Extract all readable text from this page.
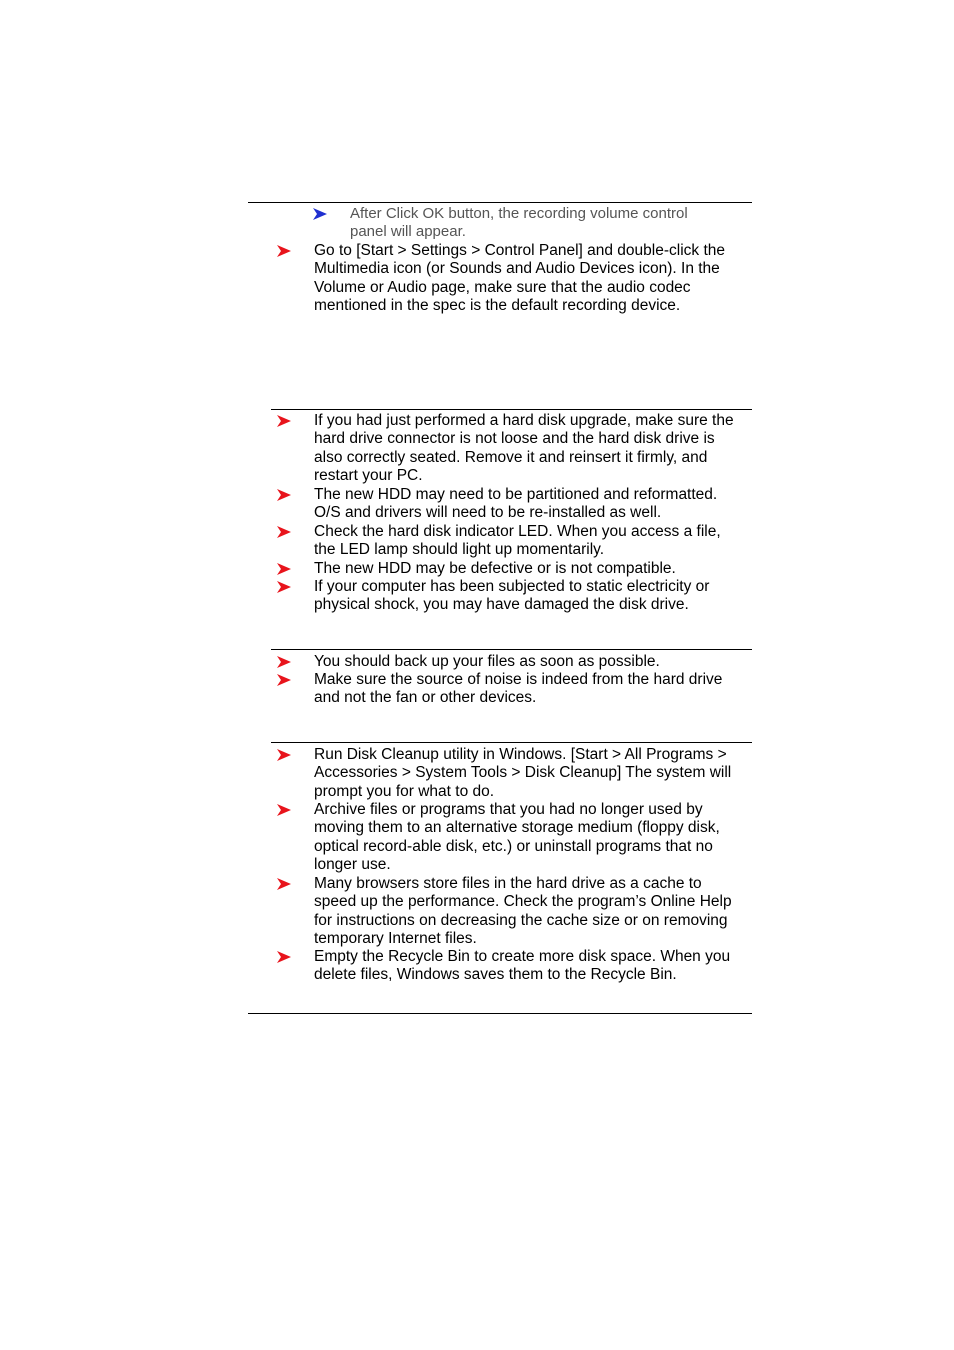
After Click OK button, the recording volume control
panel will appear.
Go to [Start > Settings > Control Panel] and double-click the
Multimedia icon (or Sounds and Audio Devices icon). In the
Volume or Audio page, make sure that the audio codec
mentioned in the spec is the default recording device.
If you had just performed a hard disk upgrade, make sure the
hard drive connector is not loose and the hard disk drive is
also correctly seated. Remove it and reinsert it firmly, and
restart your PC.
The new HDD may need to be partitioned and reformatted.
O/S and drivers will need to be re-installed as well.
Check the hard disk indicator LED. When you access a file,
the LED lamp should light up momentarily.
The new HDD may be defective or is not compatible.
If your computer has been subjected to static electricity or
physical shock, you may have damaged the disk drive.
You should back up your files as soon as possible.
Make sure the source of noise is indeed from the hard drive
and not the fan or other devices.
Run Disk Cleanup utility in Windows. [Start > All Programs >
Accessories > System Tools > Disk Cleanup] The system will
prompt you for what to do.
Archive files or programs that you had no longer used by
moving them to an alternative storage medium (floppy disk,
optical record-able disk, etc.) or uninstall programs that no
longer use.
Many browsers store files in the hard drive as a cache to
speed up the performance. Check the program’s Online Help
for instructions on decreasing the cache size or on removing
temporary Internet files.
Empty the Recycle Bin to create more disk space. When you
delete files, Windows saves them to the Recycle Bin.
